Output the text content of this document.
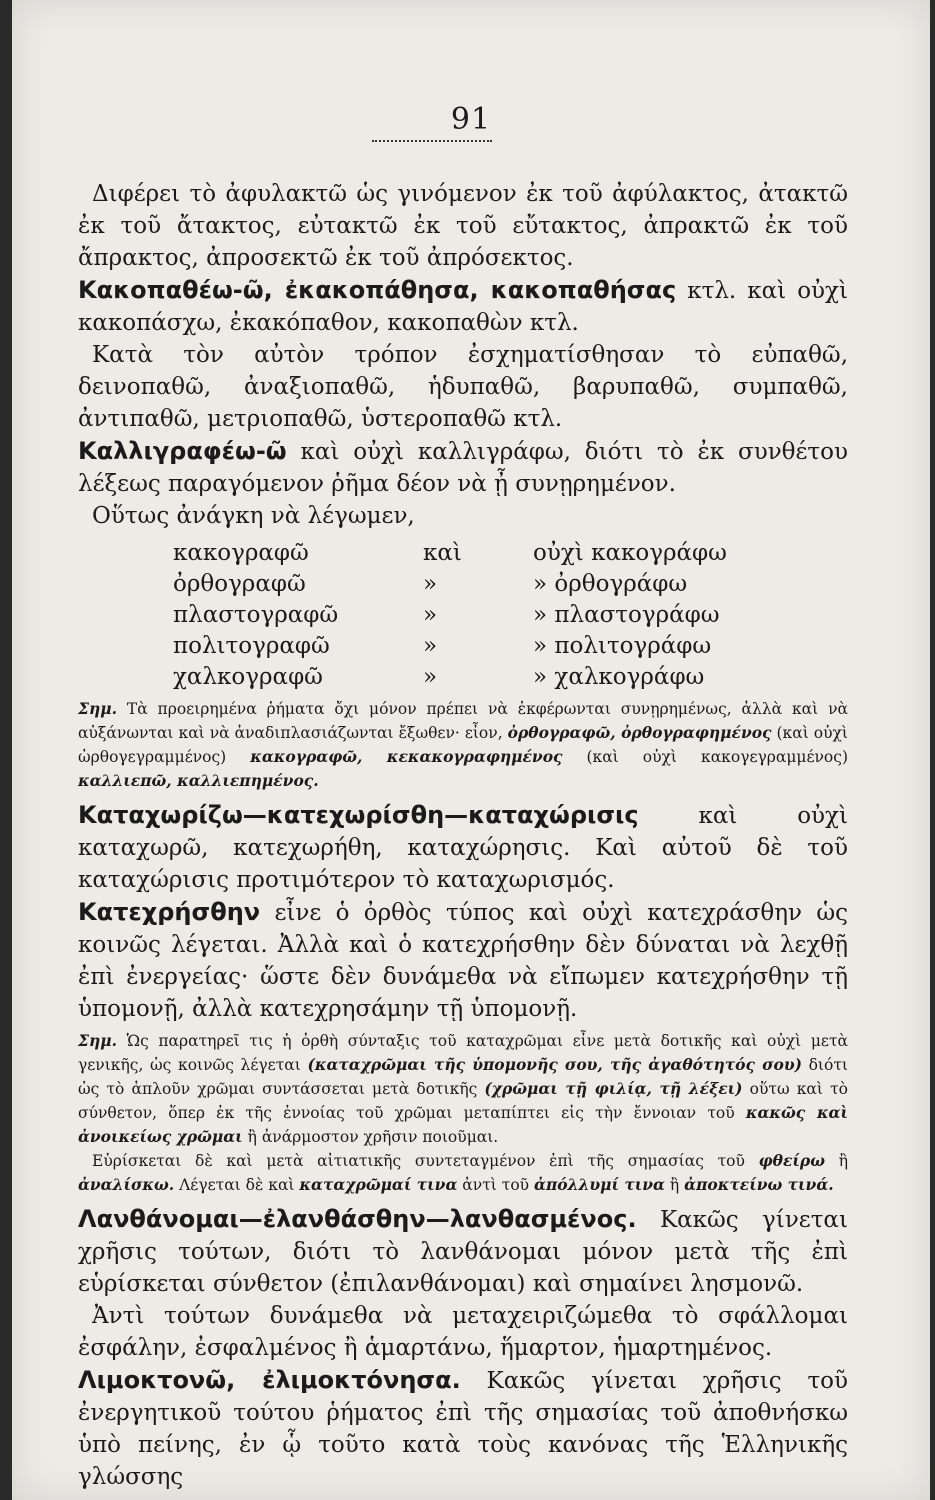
91

Διφέρει τὸ ἀφυλακτῶ ὡς γινόμενον ἐκ τοῦ ἀφύλακτος, ἀτακτῶ ἐκ τοῦ ἄτακτος, εὐτακτῶ ἐκ τοῦ εὔτακτος, ἀπρακτῶ ἐκ τοῦ ἄπρακτος, ἀπροσεκτῶ ἐκ τοῦ ἀπρόσεκτος.

Κακοπαθέω-ῶ, ἐκακοπάθησα, κακοπαθήσας κτλ. καὶ οὐχὶ κακοπάσχω, ἐκακόπαθον, κακοπαθὼν κτλ.

Κατὰ τὸν αὐτὸν τρόπον ἐσχηματίσθησαν τὸ εὐπαθῶ, δεινοπαθῶ, ἀναξιοπαθῶ, ἡδυπαθῶ, βαρυπαθῶ, συμπαθῶ, ἀντιπαθῶ, μετριοπαθῶ, ὑστεροπαθῶ κτλ.

Καλλιγραφέω-ῶ καὶ οὐχὶ καλλιγράφω, διότι τὸ ἐκ συνθέτου λέξεως παραγόμενον ῥῆμα δέον νὰ ᾖ συνῃρημένον.

Οὕτως ἀνάγκη νὰ λέγωμεν,

κακογραφῶ	καὶ	οὐχὶ κακογράφω
ὀρθογραφῶ	»	» ὀρθογράφω
πλαστογραφῶ	»	» πλαστογράφω
πολιτογραφῶ	»	» πολιτογράφω
χαλκογραφῶ	»	» χαλκογράφω

Σημ. Τὰ προειρημένα ῥήματα ὄχι μόνον πρέπει νὰ ἐκφέρωνται συνῃρημένως, ἀλλὰ καὶ νὰ αὐξάνωνται καὶ νὰ ἀναδιπλασιάζωνται ἔξωθεν· εἶον, ὀρθογραφῶ, ὀρθογραφημένος (καὶ οὐχὶ ὠρθογεγραμμένος) κακογραφῶ, κεκακογραφημένος (καὶ οὐχὶ κακογεγραμμένος) καλλιεπῶ, καλλιεπημένος.

Καταχωρίζω—κατεχωρίσθη—καταχώρισις καὶ οὐχὶ καταχωρῶ, κατεχωρήθη, καταχώρησις. Καὶ αὐτοῦ δὲ τοῦ καταχώρισις προτιμότερον τὸ καταχωρισμός.

Κατεχρήσθην εἶνε ὁ ὀρθὸς τύπος καὶ οὐχὶ κατεχράσθην ὡς κοινῶς λέγεται. Ἀλλὰ καὶ ὁ κατεχρήσθην δὲν δύναται νὰ λεχθῇ ἐπὶ ἐνεργείας· ὥστε δὲν δυνάμεθα νὰ εἴπωμεν κατεχρήσθην τῇ ὑπομονῇ, ἀλλὰ κατεχρησάμην τῇ ὑπομονῇ.

Σημ. Ὡς παρατηρεῖ τις ἡ ὀρθὴ σύνταξις τοῦ καταχρῶμαι εἶνε μετὰ δοτικῆς καὶ οὐχὶ μετὰ γενικῆς, ὡς κοινῶς λέγεται (καταχρῶμαι τῆς ὑπομονῆς σου, τῆς ἀγαθότητός σου) διότι ὡς τὸ ἁπλοῦν χρῶμαι συντάσσεται μετὰ δοτικῆς (χρῶμαι τῇ φιλίᾳ, τῇ λέξει) οὕτω καὶ τὸ σύνθετον, ὅπερ ἐκ τῆς ἐννοίας τοῦ χρῶμαι μεταπίπτει εἰς τὴν ἔννοιαν τοῦ κακῶς καὶ ἀνοικείως χρῶμαι ἢ ἀνάρμοστον χρῆσιν ποιοῦμαι.

Εὑρίσκεται δὲ καὶ μετὰ αἰτιατικῆς συντεταγμένον ἐπὶ τῆς σημασίας τοῦ φθείρω ἢ ἀναλίσκω. Λέγεται δὲ καὶ καταχρῶμαί τινα ἀντὶ τοῦ ἀπόλλυμί τινα ἢ ἀποκτείνω τινά.

Λανθάνομαι—ἐλανθάσθην—λανθασμένος. Κακῶς γίνεται χρῆσις τούτων, διότι τὸ λανθάνομαι μόνον μετὰ τῆς ἐπὶ εὑρίσκεται σύνθετον (ἐπιλανθάνομαι) καὶ σημαίνει λησμονῶ.

Ἀντὶ τούτων δυνάμεθα νὰ μεταχειριζώμεθα τὸ σφάλλομαι ἐσφάλην, ἐσφαλμένος ἢ ἁμαρτάνω, ἥμαρτον, ἡμαρτημένος.

Λιμοκτονῶ, ἐλιμοκτόνησα. Κακῶς γίνεται χρῆσις τοῦ ἐνεργητικοῦ τούτου ῥήματος ἐπὶ τῆς σημασίας τοῦ ἀποθνήσκω ὑπὸ πείνης, ἐν ᾧ τοῦτο κατὰ τοὺς κανόνας τῆς Ἑλληνικῆς γλώσσης
